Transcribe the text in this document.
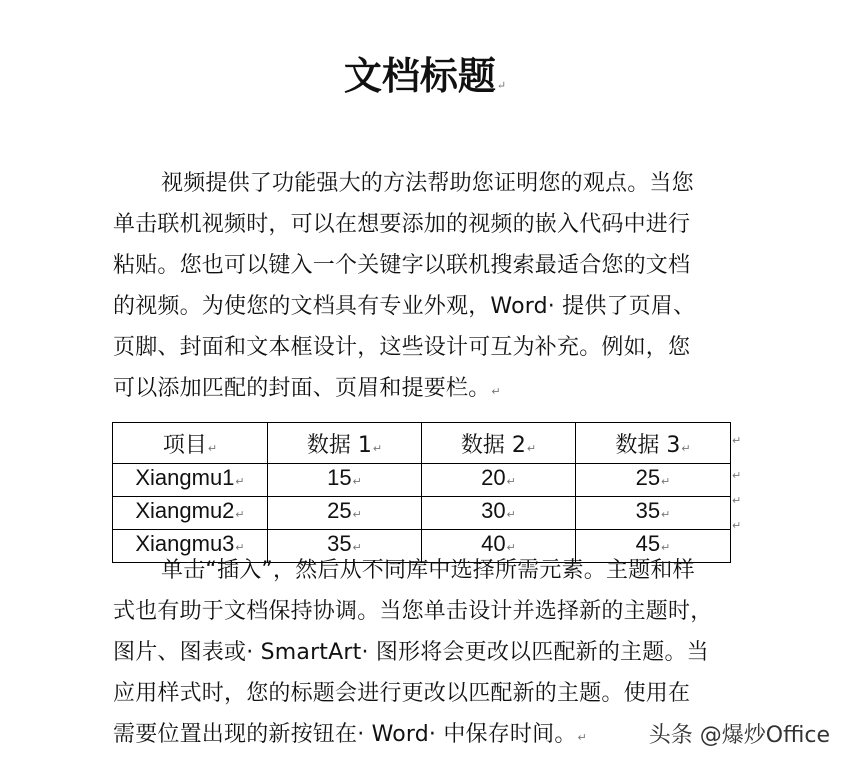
文档标题↵
视频提供了功能强大的方法帮助您证明您的观点。当您
单击联机视频时，可以在想要添加的视频的嵌入代码中进行
粘贴。您也可以键入一个关键字以联机搜索最适合您的文档
的视频。为使您的文档具有专业外观，Word· 提供了页眉、
页脚、封面和文本框设计，这些设计可互为补充。例如，您
可以添加匹配的封面、页眉和提要栏。↵
项目↵	数据 1↵	数据 2↵	数据 3↵
Xiangmu1↵	15↵	20↵	25↵
Xiangmu2↵	25↵	30↵	35↵
Xiangmu3↵	35↵	40↵	45↵
↵
↵
↵
↵
单击“插入”，然后从不同库中选择所需元素。主题和样
式也有助于文档保持协调。当您单击设计并选择新的主题时，
图片、图表或· SmartArt· 图形将会更改以匹配新的主题。当
应用样式时，您的标题会进行更改以匹配新的主题。使用在
需要位置出现的新按钮在· Word· 中保存时间。↵	头条 @爆炒Office
